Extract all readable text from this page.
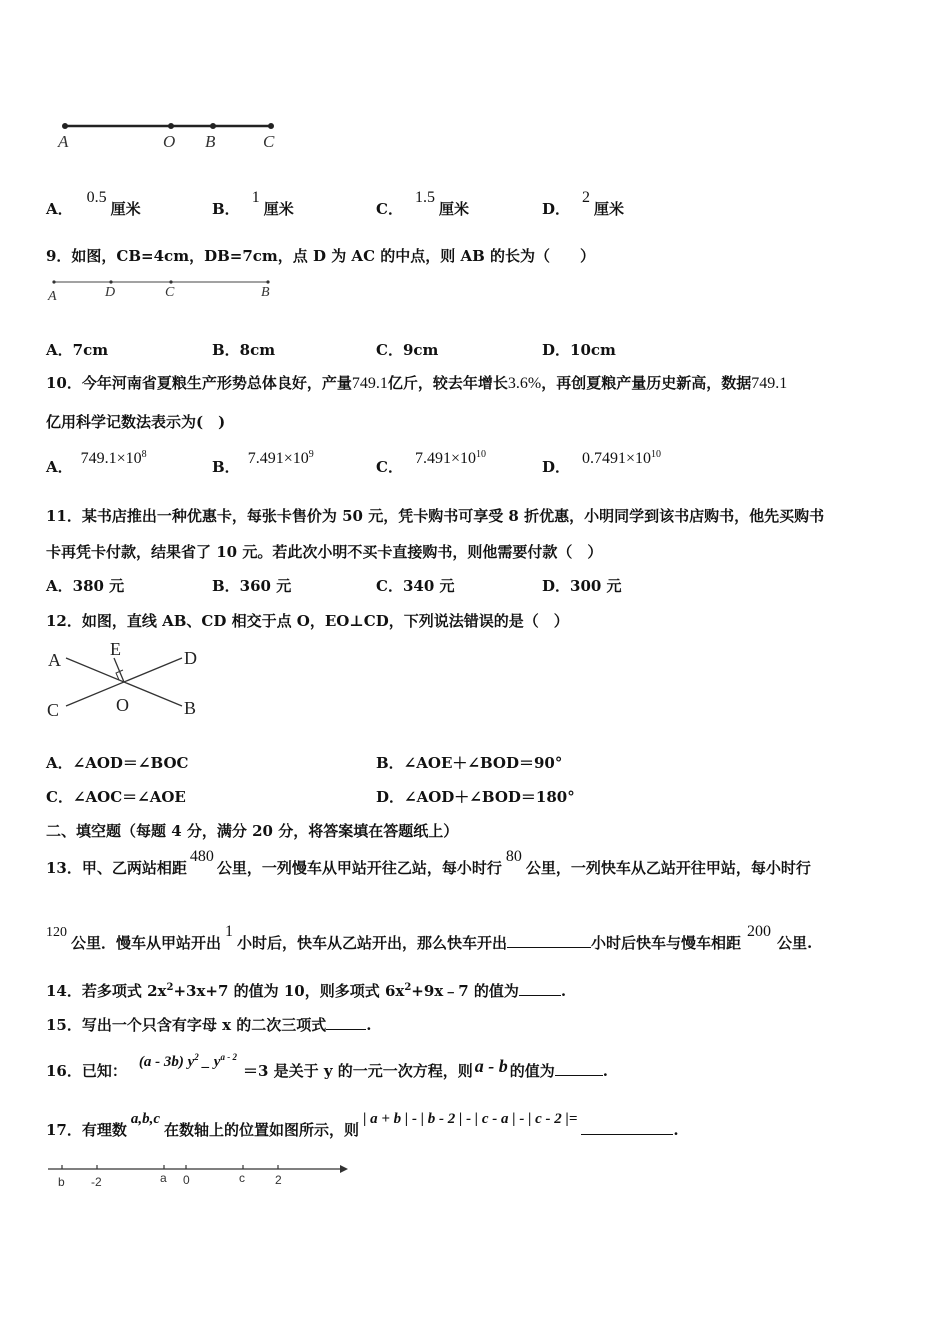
A	O B	C
A．0.5厘米	B．1厘米	C．1.5厘米	D．2厘米
9．如图，CB=4cm，DB=7cm，点 D 为 AC 的中点，则 AB 的长为（　　）
A	D	C	B
A．7cm	B．8cm	C．9cm	D．10cm
10．今年河南省夏粮生产形势总体良好，产量749.1亿斤，较去年增长3.6%，再创夏粮产量历史新高，数据749.1
亿用科学记数法表示为(　)
A． $749.1\times 10^8$
B． $7.491\times 10^9$
C． $7.491\times 10^{10}$
D． $0.7491\times 10^{10}$
11．某书店推出一种优惠卡，每张卡售价为 50 元，凭卡购书可享受 8 折优惠，小明同学到该书店购书，他先买购书
卡再凭卡付款，结果省了 10 元。若此次小明不买卡直接购书，则他需要付款（　）
A．380 元	B．360 元	C．340 元	D．300 元
12．如图，直线 AB、CD 相交于点 O，EO⊥CD，下列说法错误的是（　）
A
E	D
C	O	B
A．∠AOD＝∠BOC	B．∠AOE＋∠BOD＝90°
C．∠AOC＝∠AOE	D．∠AOD＋∠BOD＝180°
二、填空题（每题 4 分，满分 20 分，将答案填在答题纸上）
13．甲、乙两站相距480公里，一列慢车从甲站开往乙站，每小时行80公里，一列快车从乙站开往甲站，每小时行
120公里．慢车从甲站开出1小时后，快车从乙站开出，那么快车开出	小时后快车与慢车相距200公里.
14．若多项式 $2x^2+3x+7$ 的值为 10，则多项式 $6x^2+9x﹣7$ 的值为	.
15．写出一个只含有字母 x 的二次三项式	.
16．已知： (a - 3b) $y^2$ _ $y^{a - 2}=3$ 是关于 y 的一元一次方程，则 a - b 的值为	.
17．有理数a,b,c在数轴上的位置如图所示，则| a + b | - | b - 2 | - | c - a | - | c - 2 |=.
b -2	a 0	c	2
